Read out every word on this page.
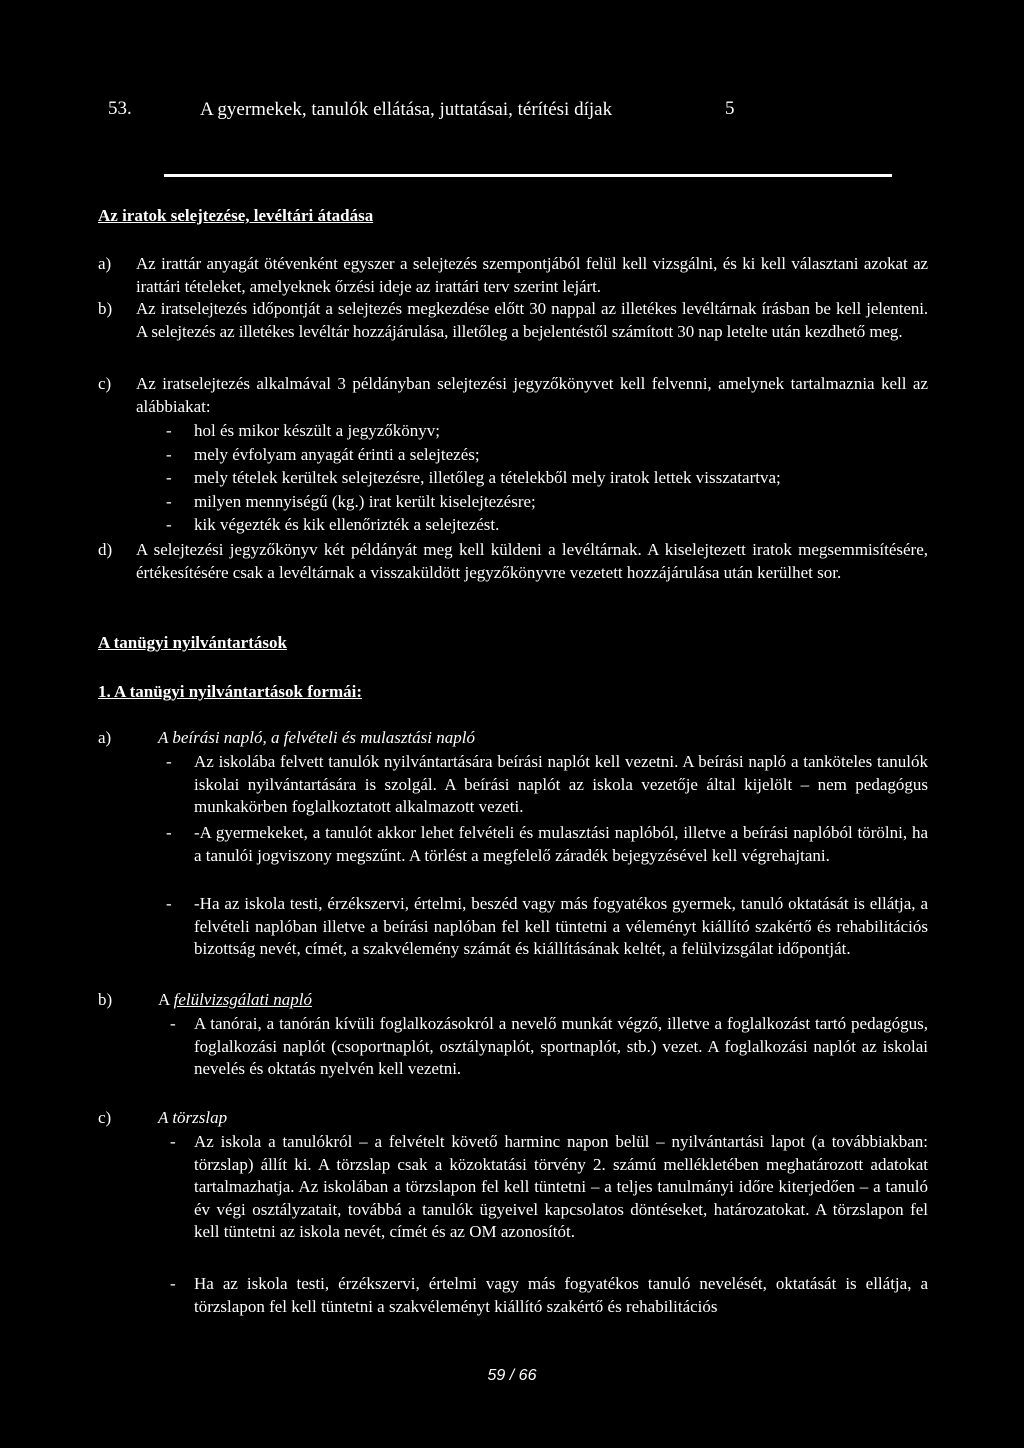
53.	A gyermekek, tanulók ellátása, juttatásai, térítési díjak	5
Az iratok selejtezése, levéltári átadása
a) Az irattár anyagát ötévenként egyszer a selejtezés szempontjából felül kell vizsgálni, és ki kell választani azokat az irattári tételeket, amelyeknek őrzési ideje az irattári terv szerint lejárt.
b) Az iratselejtezés időpontját a selejtezés megkezdése előtt 30 nappal az illetékes levéltárnak írásban be kell jelenteni. A selejtezés az illetékes levéltár hozzájárulása, illetőleg a bejelentéstől számított 30 nap letelte után kezdhető meg.
c) Az iratselejtezés alkalmával 3 példányban selejtezési jegyzőkönyvet kell felvenni, amelynek tartalmaznia kell az alábbiakat:
- hol és mikor készült a jegyzőkönyv;
- mely évfolyam anyagát érinti a selejtezés;
- mely tételek kerültek selejtezésre, illetőleg a tételekből mely iratok lettek visszatartva;
- milyen mennyiségű (kg.) irat került kiselejtezésre;
- kik végezték és kik ellenőrizték a selejtezést.
d) A selejtezési jegyzőkönyv két példányát meg kell küldeni a levéltárnak. A kiselejtezett iratok megsemmisítésére, értékesítésére csak a levéltárnak a visszaküldött jegyzőkönyvre vezetett hozzájárulása után kerülhet sor.
A tanügyi nyilvántartások
1. A tanügyi nyilvántartások formái:
a)	A beírási napló, a felvételi és mulasztási napló
- Az iskolába felvett tanulók nyilvántartására beírási naplót kell vezetni. A beírási napló a tanköteles tanulók iskolai nyilvántartására is szolgál. A beírási naplót az iskola vezetője által kijelölt – nem pedagógus munkakörben foglalkoztatott alkalmazott vezeti.
- -A gyermekeket, a tanulót akkor lehet felvételi és mulasztási naplóból, illetve a beírási naplóból törölni, ha a tanulói jogviszony megszűnt. A törlést a megfelelő záradék bejegyzésével kell végrehajtani.
- -Ha az iskola testi, érzékszervi, értelmi, beszéd vagy más fogyatékos gyermek, tanuló oktatását is ellátja, a felvételi naplóban illetve a beírási naplóban fel kell tüntetni a véleményt kiállító szakértő és rehabilitációs bizottság nevét, címét, a szakvélemény számát és kiállításának keltét, a felülvizsgálat időpontját.
b)	A felülvizsgálati napló
- A tanórai, a tanórán kívüli foglalkozásokról a nevelő munkát végző, illetve a foglalkozást tartó pedagógus, foglalkozási naplót (csoportnaplót, osztálynaplót, sportnaplót, stb.) vezet. A foglalkozási naplót az iskolai nevelés és oktatás nyelvén kell vezetni.
c)	A törzslap
- Az iskola a tanulókról – a felvételt követő harminc napon belül – nyilvántartási lapot (a továbbiakban: törzslap) állít ki. A törzslap csak a közoktatási törvény 2. számú mellékletében meghatározott adatokat tartalmazhatja. Az iskolában a törzslapon fel kell tüntetni – a teljes tanulmányi időre kiterjedően – a tanuló év végi osztályzatait, továbbá a tanulók ügyeivel kapcsolatos döntéseket, határozatokat. A törzslapon fel kell tüntetni az iskola nevét, címét és az OM azonosítót.
- Ha az iskola testi, érzékszervi, értelmi vagy más fogyatékos tanuló nevelését, oktatását is ellátja, a törzslapon fel kell tüntetni a szakvéleményt kiállító szakértő és rehabilitációs
59 / 66
